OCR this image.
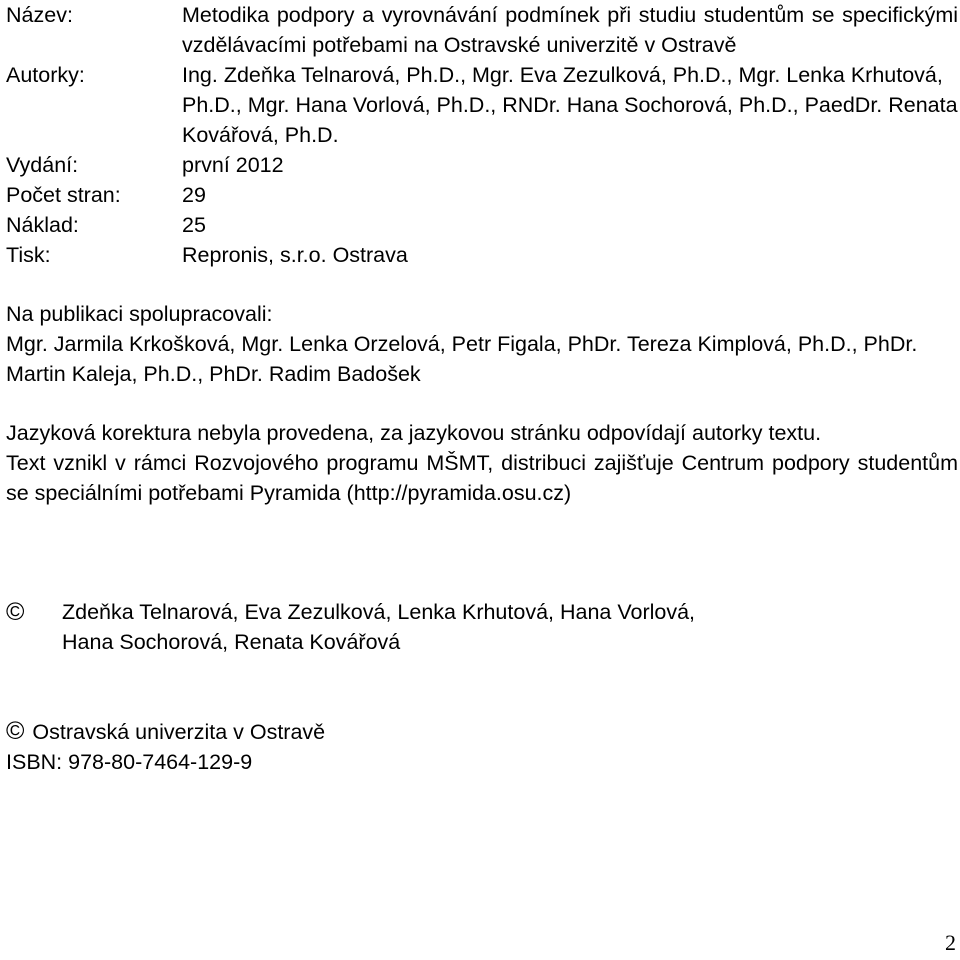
Název:	Metodika podpory a vyrovnávání podmínek při studiu studentům se specifickými vzdělávacími potřebami na Ostravské univerzitě v Ostravě
Autorky:	Ing. Zdeňka Telnarová, Ph.D., Mgr. Eva Zezulková, Ph.D., Mgr. Lenka Krhutová, Ph.D., Mgr. Hana Vorlová, Ph.D., RNDr. Hana Sochorová, Ph.D., PaedDr. Renata Kovářová, Ph.D.
Vydání:	první 2012
Počet stran:	29
Náklad:	25
Tisk:	Repronis, s.r.o. Ostrava
Na publikaci spolupracovali:
Mgr. Jarmila Krkošková, Mgr. Lenka Orzelová, Petr Figala, PhDr. Tereza Kimplová, Ph.D., PhDr. Martin Kaleja, Ph.D., PhDr. Radim Badošek
Jazyková korektura nebyla provedena, za jazykovou stránku odpovídají autorky textu.
Text vznikl v rámci Rozvojového programu MŠMT, distribuci zajišťuje Centrum podpory studentům se speciálními potřebami Pyramida (http://pyramida.osu.cz)
©	Zdeňka Telnarová, Eva Zezulková, Lenka Krhutová, Hana Vorlová,
Hana Sochorová, Renata Kovářová
© Ostravská univerzita v Ostravě
ISBN: 978-80-7464-129-9
2
